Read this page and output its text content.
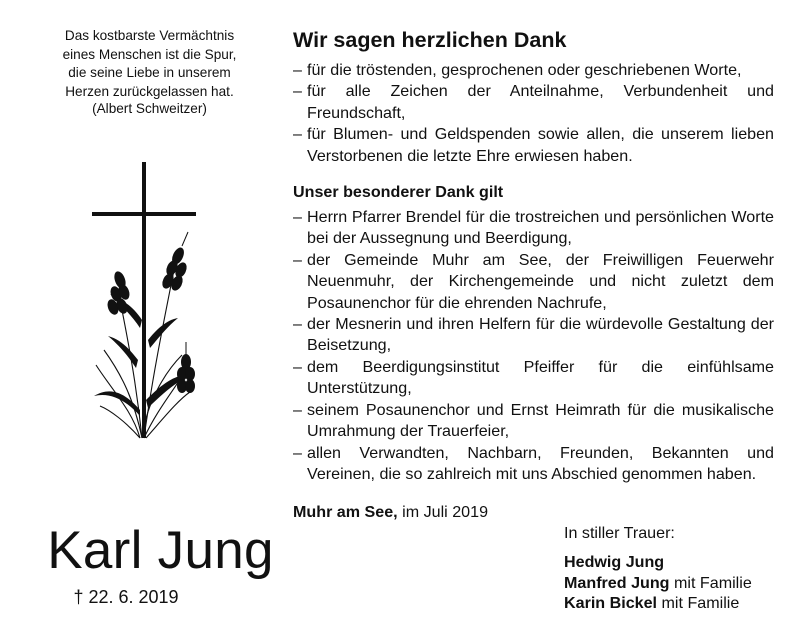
Das kostbarste Vermächtnis
eines Menschen ist die Spur,
die seine Liebe in unserem
Herzen zurückgelassen hat.
(Albert Schweitzer)
Karl Jung
† 22. 6. 2019
Wir sagen herzlichen Dank
– für die tröstenden, gesprochenen oder geschriebenen Worte,
– für alle Zeichen der Anteilnahme, Verbundenheit und Freundschaft,
– für Blumen- und Geldspenden sowie allen, die unserem lieben Verstorbenen die letzte Ehre erwiesen haben.
Unser besonderer Dank gilt
– Herrn Pfarrer Brendel für die trostreichen und persönlichen Worte bei der Aussegnung und Beerdigung,
– der Gemeinde Muhr am See, der Freiwilligen Feuerwehr Neuenmuhr, der Kirchengemeinde und nicht zuletzt dem Posaunenchor für die ehrenden Nachrufe,
– der Mesnerin und ihren Helfern für die würdevolle Gestaltung der Beisetzung,
– dem Beerdigungsinstitut Pfeiffer für die einfühlsame Unterstützung,
– seinem Posaunenchor und Ernst Heimrath für die musikalische Umrahmung der Trauerfeier,
– allen Verwandten, Nachbarn, Freunden, Bekannten und Vereinen, die so zahlreich mit uns Abschied genommen haben.
Muhr am See, im Juli 2019
In stiller Trauer:
Hedwig Jung
Manfred Jung mit Familie
Karin Bickel mit Familie
